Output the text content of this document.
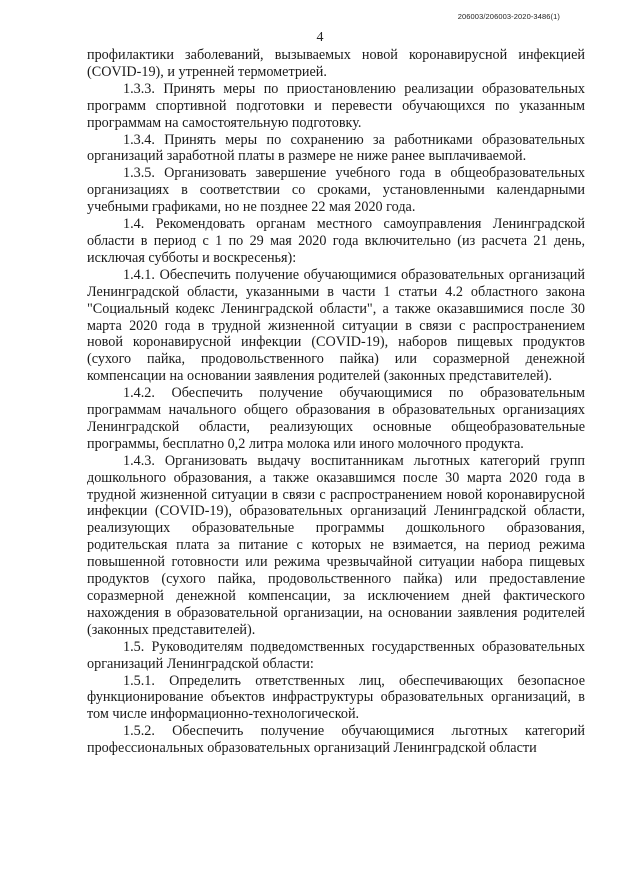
206003/206003-2020-3486(1)
4

профилактики заболеваний, вызываемых новой коронавирусной инфекцией (COVID-19), и утренней термометрией.

1.3.3. Принять меры по приостановлению реализации образовательных программ спортивной подготовки и перевести обучающихся по указанным программам на самостоятельную подготовку.

1.3.4. Принять меры по сохранению за работниками образовательных организаций заработной платы в размере не ниже ранее выплачиваемой.

1.3.5. Организовать завершение учебного года в общеобразовательных организациях в соответствии со сроками, установленными календарными учебными графиками, но не позднее 22 мая 2020 года.

1.4. Рекомендовать органам местного самоуправления Ленинградской области в период с 1 по 29 мая 2020 года включительно (из расчета 21 день, исключая субботы и воскресенья):

1.4.1. Обеспечить получение обучающимися образовательных организаций Ленинградской области, указанными в части 1 статьи 4.2 областного закона "Социальный кодекс Ленинградской области", а также оказавшимися после 30 марта 2020 года в трудной жизненной ситуации в связи с распространением новой коронавирусной инфекции (COVID-19), наборов пищевых продуктов (сухого пайка, продовольственного пайка) или соразмерной денежной компенсации на основании заявления родителей (законных представителей).

1.4.2. Обеспечить получение обучающимися по образовательным программам начального общего образования в образовательных организациях Ленинградской области, реализующих основные общеобразовательные программы, бесплатно 0,2 литра молока или иного молочного продукта.

1.4.3. Организовать выдачу воспитанникам льготных категорий групп дошкольного образования, а также оказавшимся после 30 марта 2020 года в трудной жизненной ситуации в связи с распространением новой коронавирусной инфекции (COVID-19), образовательных организаций Ленинградской области, реализующих образовательные программы дошкольного образования, родительская плата за питание с которых не взимается, на период режима повышенной готовности или режима чрезвычайной ситуации набора пищевых продуктов (сухого пайка, продовольственного пайка) или предоставление соразмерной денежной компенсации, за исключением дней фактического нахождения в образовательной организации, на основании заявления родителей (законных представителей).

1.5. Руководителям подведомственных государственных образовательных организаций Ленинградской области:

1.5.1. Определить ответственных лиц, обеспечивающих безопасное функционирование объектов инфраструктуры образовательных организаций, в том числе информационно-технологической.

1.5.2. Обеспечить получение обучающимися льготных категорий профессиональных образовательных организаций Ленинградской области
